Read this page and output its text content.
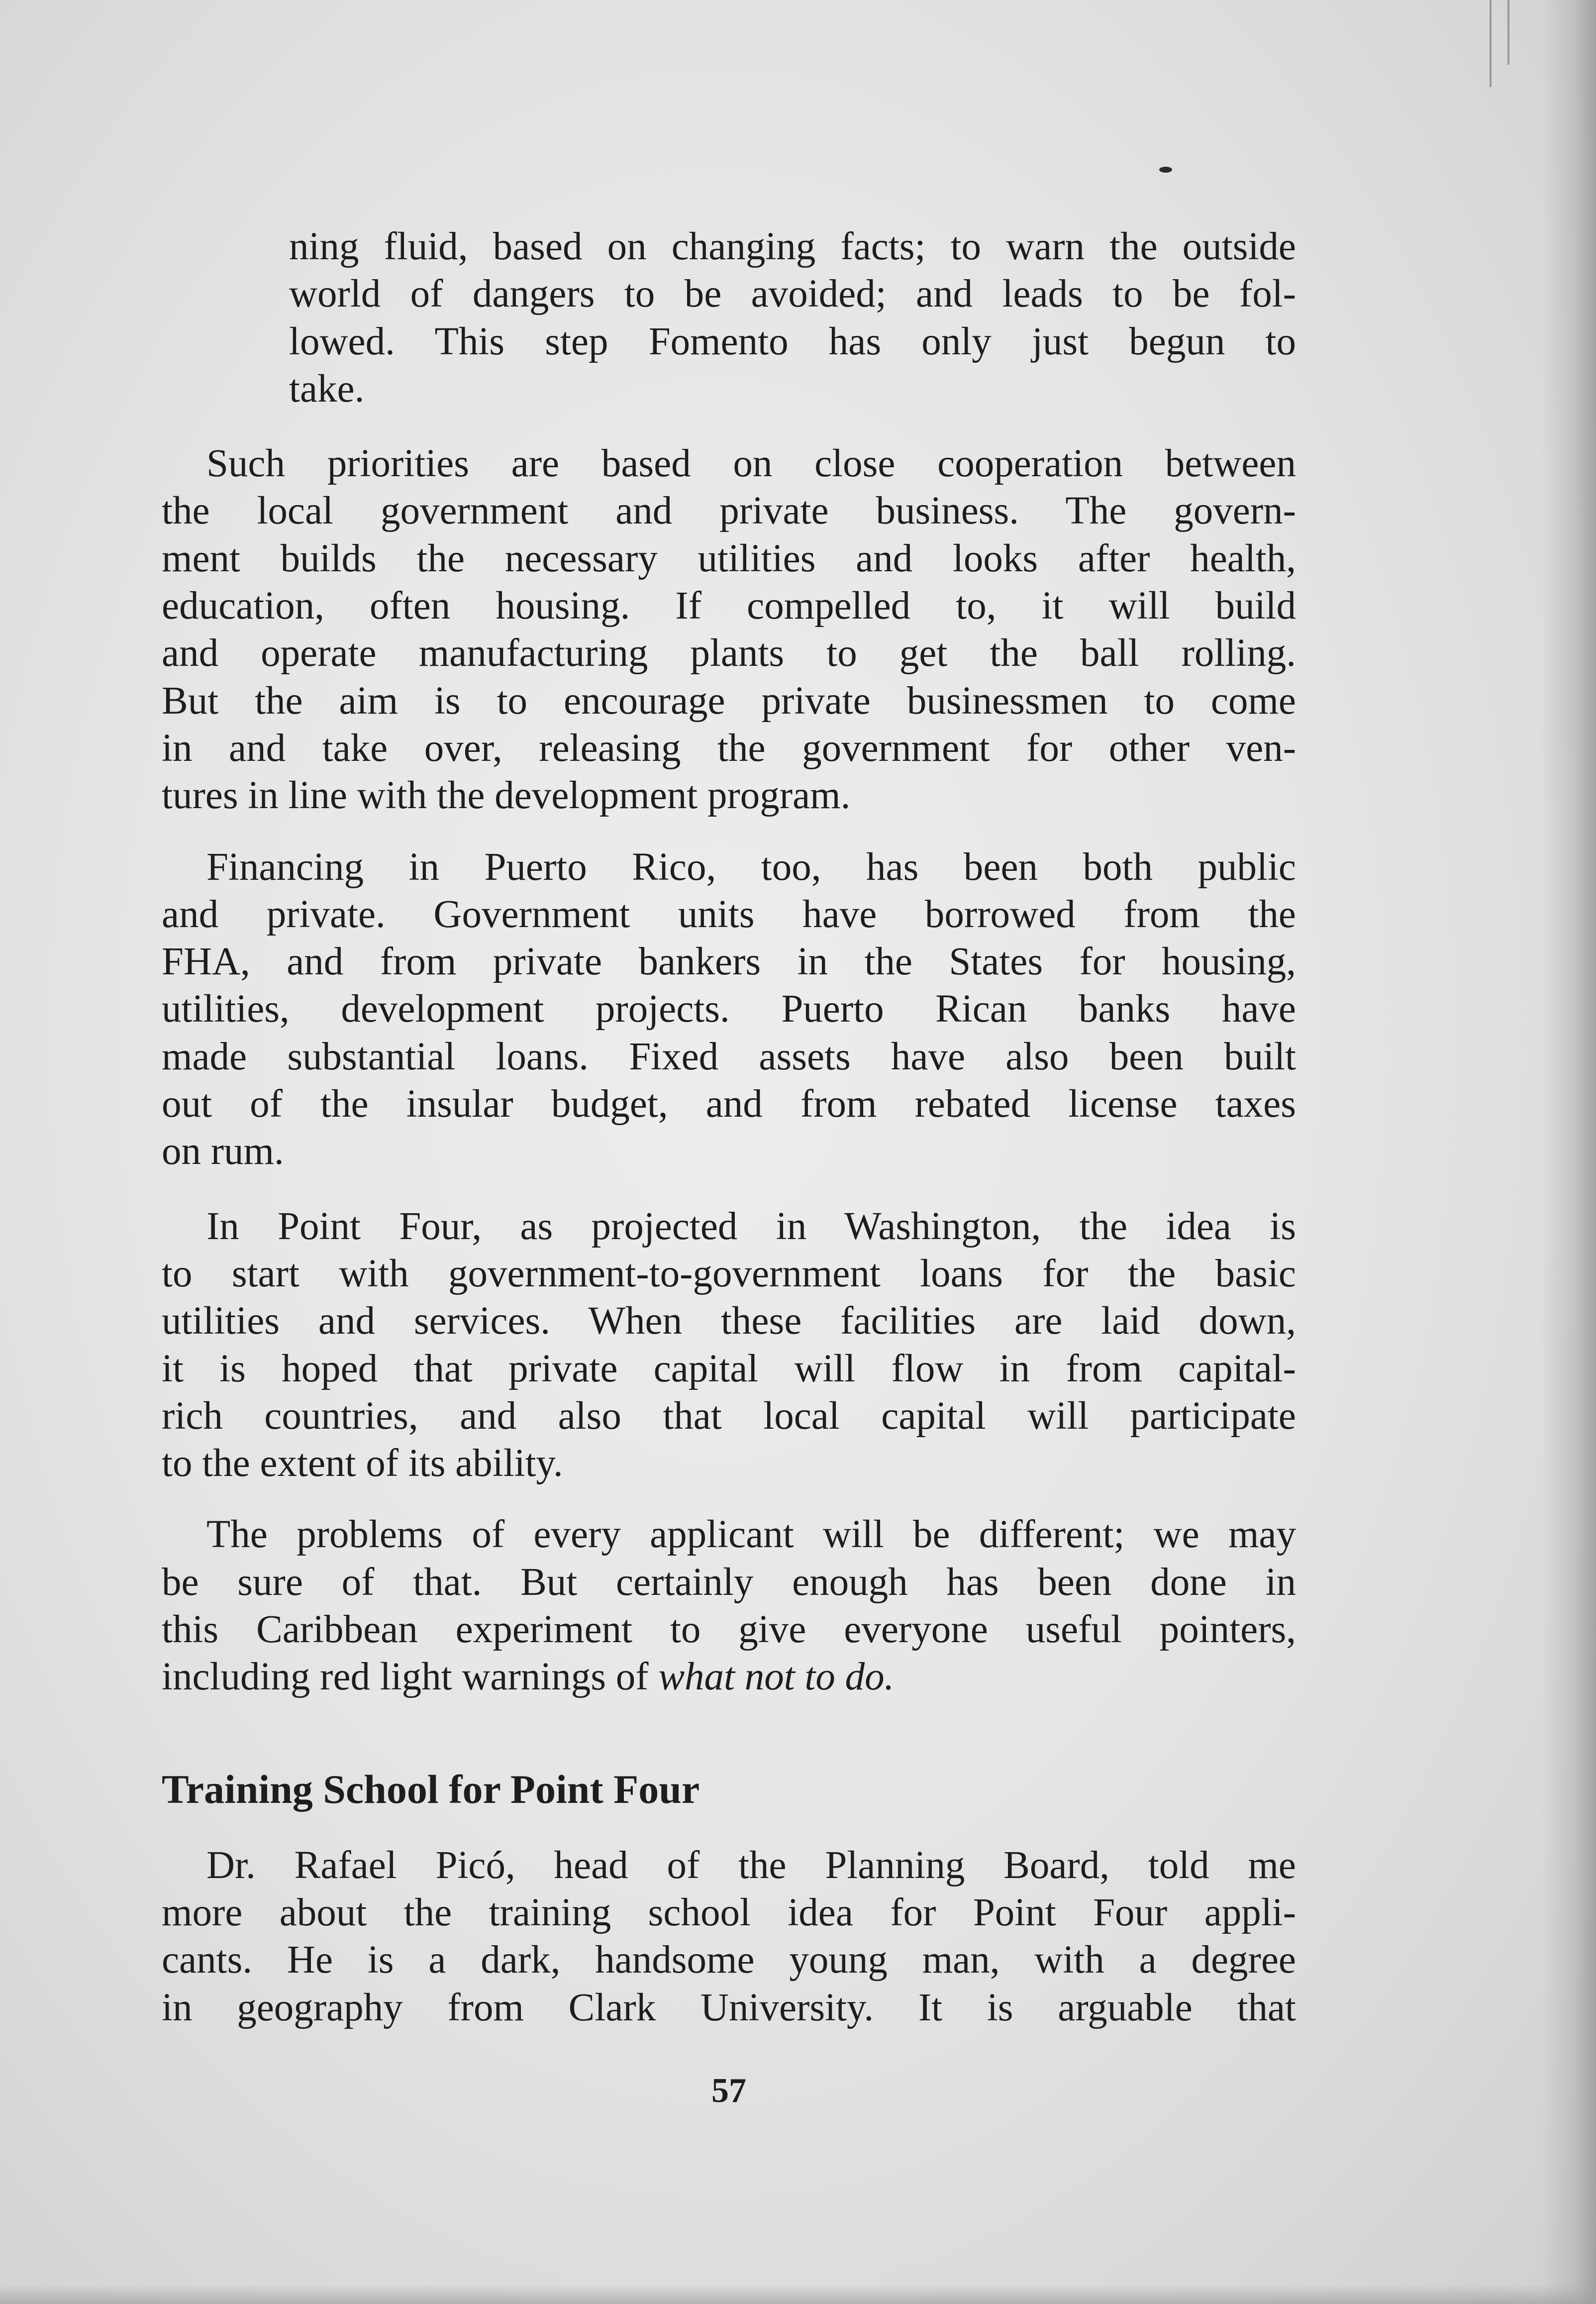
ning fluid, based on changing facts; to warn the outside
world of dangers to be avoided; and leads to be fol-
lowed. This step Fomento has only just begun to
take.
Such priorities are based on close cooperation between
the local government and private business. The govern-
ment builds the necessary utilities and looks after health,
education, often housing. If compelled to, it will build
and operate manufacturing plants to get the ball rolling.
But the aim is to encourage private businessmen to come
in and take over, releasing the government for other ven-
tures in line with the development program.
Financing in Puerto Rico, too, has been both public
and private. Government units have borrowed from the
FHA, and from private bankers in the States for housing,
utilities, development projects. Puerto Rican banks have
made substantial loans. Fixed assets have also been built
out of the insular budget, and from rebated license taxes
on rum.
In Point Four, as projected in Washington, the idea is
to start with government-to-government loans for the basic
utilities and services. When these facilities are laid down,
it is hoped that private capital will flow in from capital-
rich countries, and also that local capital will participate
to the extent of its ability.
The problems of every applicant will be different; we may
be sure of that. But certainly enough has been done in
this Caribbean experiment to give everyone useful pointers,
including red light warnings of what not to do.
Training School for Point Four
Dr. Rafael Picó, head of the Planning Board, told me
more about the training school idea for Point Four appli-
cants. He is a dark, handsome young man, with a degree
in geography from Clark University. It is arguable that
57
